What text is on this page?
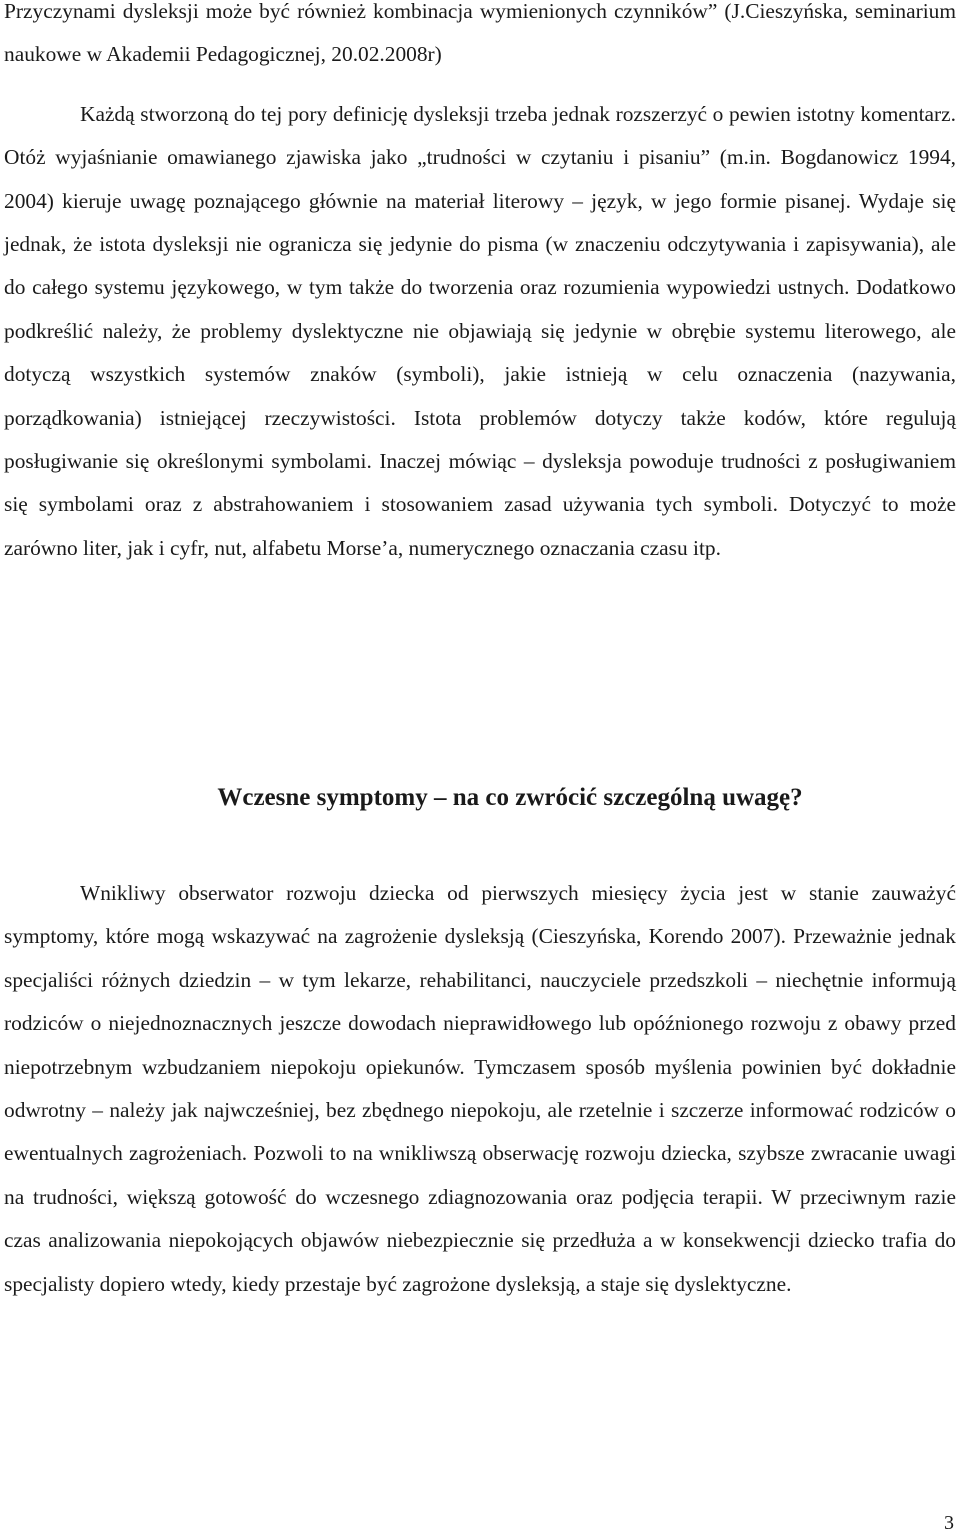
Przyczynami dysleksji może być również kombinacja wymienionych czynników” (J.Cieszyńska, seminarium naukowe w Akademii Pedagogicznej, 20.02.2008r)

Każdą stworzoną do tej pory definicję dysleksji trzeba jednak rozszerzyć o pewien istotny komentarz. Otóż wyjaśnianie omawianego zjawiska jako „trudności w czytaniu i pisaniu” (m.in. Bogdanowicz 1994, 2004) kieruje uwagę poznającego głównie na materiał literowy – język, w jego formie pisanej. Wydaje się jednak, że istota dysleksji nie ogranicza się jedynie do pisma (w znaczeniu odczytywania i zapisywania), ale do całego systemu językowego, w tym także do tworzenia oraz rozumienia wypowiedzi ustnych. Dodatkowo podkreślić należy, że problemy dyslektyczne nie objawiają się jedynie w obrębie systemu literowego, ale dotyczą wszystkich systemów znaków (symboli), jakie istnieją w celu oznaczenia (nazywania, porządkowania) istniejącej rzeczywistości. Istota problemów dotyczy także kodów, które regulują posługiwanie się określonymi symbolami. Inaczej mówiąc – dysleksja powoduje trudności z posługiwaniem się symbolami oraz z abstrahowaniem i stosowaniem zasad używania tych symboli. Dotyczyć to może zarówno liter, jak i cyfr, nut, alfabetu Morse’a, numerycznego oznaczania czasu itp.

Wczesne symptomy – na co zwrócić szczególną uwagę?

Wnikliwy obserwator rozwoju dziecka od pierwszych miesięcy życia jest w stanie zauważyć symptomy, które mogą wskazywać na zagrożenie dysleksją (Cieszyńska, Korendo 2007). Przeważnie jednak specjaliści różnych dziedzin – w tym lekarze, rehabilitanci, nauczyciele przedszkoli – niechętnie informują rodziców o niejednoznacznych jeszcze dowodach nieprawidłowego lub opóźnionego rozwoju z obawy przed niepotrzebnym wzbudzaniem niepokoju opiekunów. Tymczasem sposób myślenia powinien być dokładnie odwrotny – należy jak najwcześniej, bez zbędnego niepokoju, ale rzetelnie i szczerze informować rodziców o ewentualnych zagrożeniach. Pozwoli to na wnikliwszą obserwację rozwoju dziecka, szybsze zwracanie uwagi na trudności, większą gotowość do wczesnego zdiagnozowania oraz podjęcia terapii. W przeciwnym razie czas analizowania niepokojących objawów niebezpiecznie się przedłuża a w konsekwencji dziecko trafia do specjalisty dopiero wtedy, kiedy przestaje być zagrożone dysleksją, a staje się dyslektyczne.

3
